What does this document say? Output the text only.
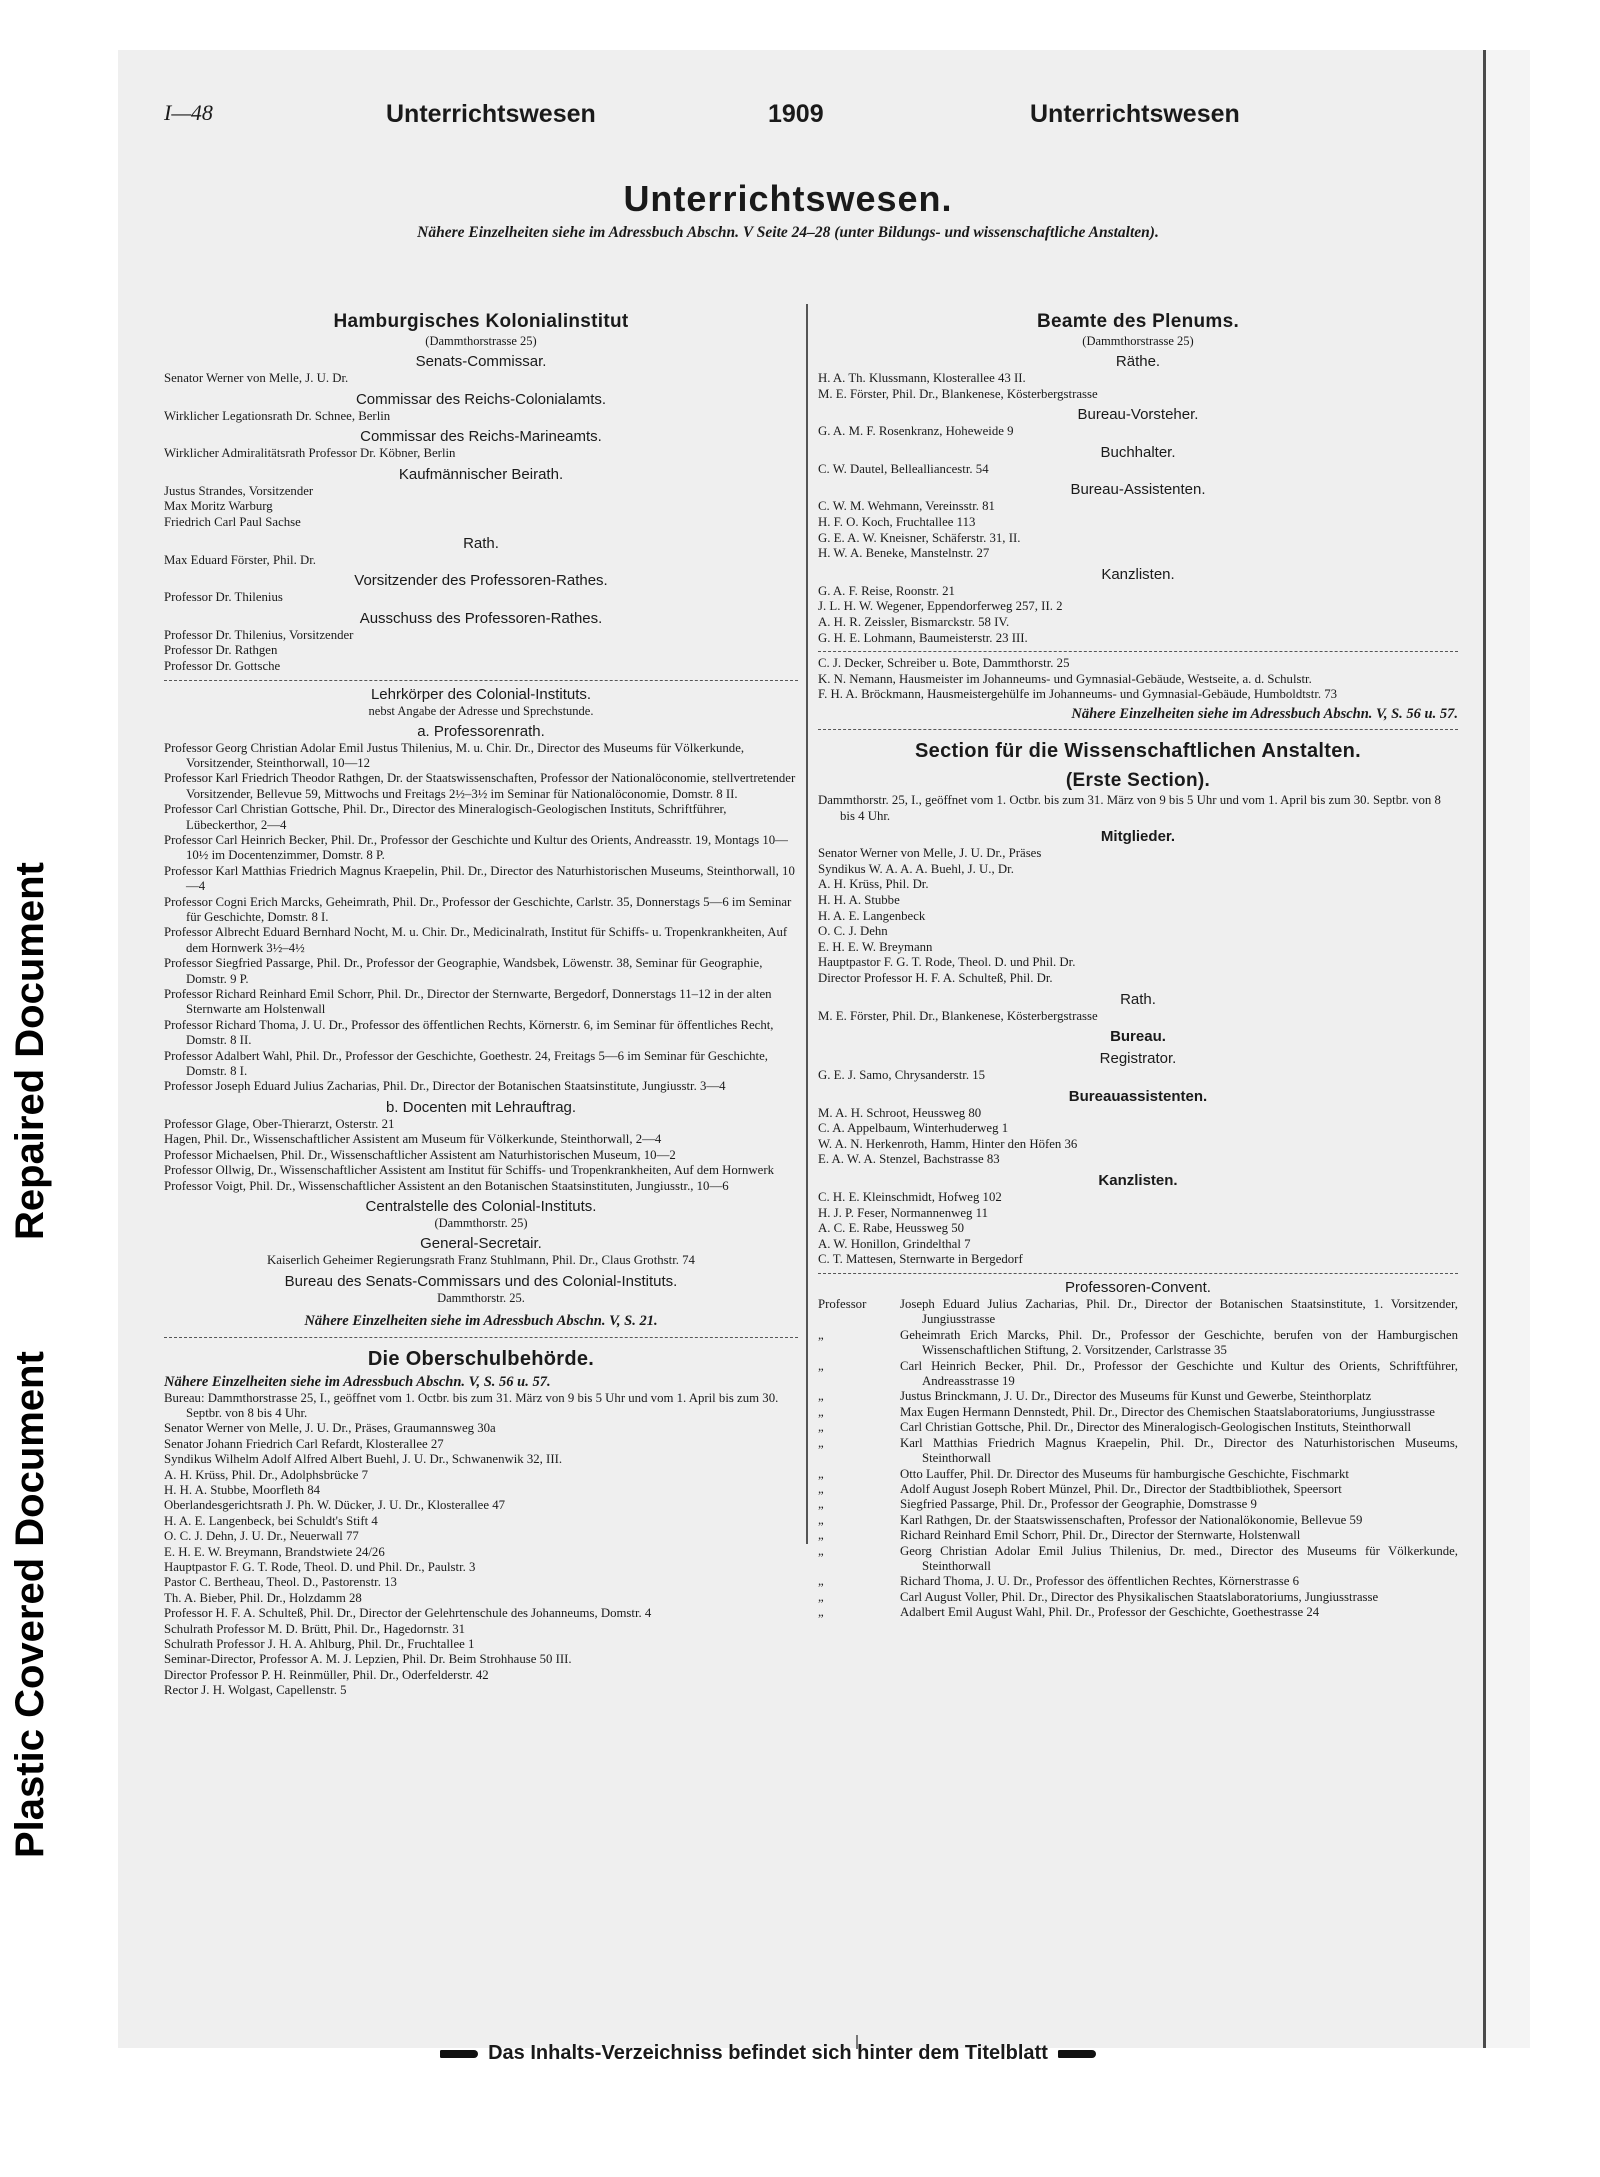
Repaired Document
Plastic Covered Document
I—48	Unterrichtswesen	1909	Unterrichtswesen
Unterrichtswesen.
Nähere Einzelheiten siehe im Adressbuch Abschn. V Seite 24–28 (unter Bildungs- und wissenschaftliche Anstalten).
Hamburgisches Kolonialinstitut
(Dammthorstrasse 25)
Senats-Commissar.
Senator Werner von Melle, J. U. Dr.
Commissar des Reichs-Colonialamts.
Wirklicher Legationsrath Dr. Schnee, Berlin
Commissar des Reichs-Marineamts.
Wirklicher Admiralitätsrath Professor Dr. Köbner, Berlin
Kaufmännischer Beirath.
Justus Strandes, Vorsitzender
Max Moritz Warburg
Friedrich Carl Paul Sachse
Rath.
Max Eduard Förster, Phil. Dr.
Vorsitzender des Professoren-Rathes.
Professor Dr. Thilenius
Ausschuss des Professoren-Rathes.
Professor Dr. Thilenius, Vorsitzender
Professor Dr. Rathgen
Professor Dr. Gottsche
Lehrkörper des Colonial-Instituts.
nebst Angabe der Adresse und Sprechstunde.
a. Professorenrath.
Professor Georg Christian Adolar Emil Justus Thilenius, M. u. Chir. Dr., Director des Museums für Völkerkunde, Vorsitzender, Steinthorwall, 10—12
Professor Karl Friedrich Theodor Rathgen, Dr. der Staatswissenschaften, Professor der Nationalöconomie, stellvertretender Vorsitzender, Bellevue 59, Mittwochs und Freitags 2½–3½ im Seminar für Nationalöconomie, Domstr. 8 II.
Professor Carl Christian Gottsche, Phil. Dr., Director des Mineralogisch-Geologischen Instituts, Schriftführer, Lübeckerthor, 2—4
Professor Carl Heinrich Becker, Phil. Dr., Professor der Geschichte und Kultur des Orients, Andreasstr. 19, Montags 10—10½ im Docentenzimmer, Domstr. 8 P.
Professor Karl Matthias Friedrich Magnus Kraepelin, Phil. Dr., Director des Naturhistorischen Museums, Steinthorwall, 10—4
Professor Cogni Erich Marcks, Geheimrath, Phil. Dr., Professor der Geschichte, Carlstr. 35, Donnerstags 5—6 im Seminar für Geschichte, Domstr. 8 I.
Professor Albrecht Eduard Bernhard Nocht, M. u. Chir. Dr., Medicinalrath, Institut für Schiffs- u. Tropenkrankheiten, Auf dem Hornwerk 3½–4½
Professor Siegfried Passarge, Phil. Dr., Professor der Geographie, Wandsbek, Löwenstr. 38, Seminar für Geographie, Domstr. 9 P.
Professor Richard Reinhard Emil Schorr, Phil. Dr., Director der Sternwarte, Bergedorf, Donnerstags 11–12 in der alten Sternwarte am Holstenwall
Professor Richard Thoma, J. U. Dr., Professor des öffentlichen Rechts, Körnerstr. 6, im Seminar für öffentliches Recht, Domstr. 8 II.
Professor Adalbert Wahl, Phil. Dr., Professor der Geschichte, Goethestr. 24, Freitags 5—6 im Seminar für Geschichte, Domstr. 8 I.
Professor Joseph Eduard Julius Zacharias, Phil. Dr., Director der Botanischen Staatsinstitute, Jungiusstr. 3—4
b. Docenten mit Lehrauftrag.
Professor Glage, Ober-Thierarzt, Osterstr. 21
Hagen, Phil. Dr., Wissenschaftlicher Assistent am Museum für Völkerkunde, Steinthorwall, 2—4
Professor Michaelsen, Phil. Dr., Wissenschaftlicher Assistent am Naturhistorischen Museum, 10—2
Professor Ollwig, Dr., Wissenschaftlicher Assistent am Institut für Schiffs- und Tropenkrankheiten, Auf dem Hornwerk
Professor Voigt, Phil. Dr., Wissenschaftlicher Assistent an den Botanischen Staatsinstituten, Jungiusstr., 10—6
Centralstelle des Colonial-Instituts.
(Dammthorstr. 25)
General-Secretair.
Kaiserlich Geheimer Regierungsrath Franz Stuhlmann, Phil. Dr., Claus Grothstr. 74
Bureau des Senats-Commissars und des Colonial-Instituts.
Dammthorstr. 25.
Nähere Einzelheiten siehe im Adressbuch Abschn. V, S. 21.
Die Oberschulbehörde.
Nähere Einzelheiten siehe im Adressbuch Abschn. V, S. 56 u. 57.
Bureau: Dammthorstrasse 25, I., geöffnet vom 1. Octbr. bis zum 31. März von 9 bis 5 Uhr und vom 1. April bis zum 30. Septbr. von 8 bis 4 Uhr.
Senator Werner von Melle, J. U. Dr., Präses, Graumannsweg 30a
Senator Johann Friedrich Carl Refardt, Klosterallee 27
Syndikus Wilhelm Adolf Alfred Albert Buehl, J. U. Dr., Schwanenwik 32, III.
A. H. Krüss, Phil. Dr., Adolphsbrücke 7
H. H. A. Stubbe, Moorfleth 84
Oberlandesgerichtsrath J. Ph. W. Dücker, J. U. Dr., Klosterallee 47
H. A. E. Langenbeck, bei Schuldt's Stift 4
O. C. J. Dehn, J. U. Dr., Neuerwall 77
E. H. E. W. Breymann, Brandstwiete 24/26
Hauptpastor F. G. T. Rode, Theol. D. und Phil. Dr., Paulstr. 3
Pastor C. Bertheau, Theol. D., Pastorenstr. 13
Th. A. Bieber, Phil. Dr., Holzdamm 28
Professor H. F. A. Schulteß, Phil. Dr., Director der Gelehrtenschule des Johanneums, Domstr. 4
Schulrath Professor M. D. Brütt, Phil. Dr., Hagedornstr. 31
Schulrath Professor J. H. A. Ahlburg, Phil. Dr., Fruchtallee 1
Seminar-Director, Professor A. M. J. Lepzien, Phil. Dr. Beim Strohhause 50 III.
Director Professor P. H. Reinmüller, Phil. Dr., Oderfelderstr. 42
Rector J. H. Wolgast, Capellenstr. 5
Beamte des Plenums.
(Dammthorstrasse 25)
Räthe.
H. A. Th. Klussmann, Klosterallee 43 II.
M. E. Förster, Phil. Dr., Blankenese, Kösterbergstrasse
Bureau-Vorsteher.
G. A. M. F. Rosenkranz, Hoheweide 9
Buchhalter.
C. W. Dautel, Bellealliancestr. 54
Bureau-Assistenten.
C. W. M. Wehmann, Vereinsstr. 81
H. F. O. Koch, Fruchtallee 113
G. E. A. W. Kneisner, Schäferstr. 31, II.
H. W. A. Beneke, Manstelnstr. 27
Kanzlisten.
G. A. F. Reise, Roonstr. 21
J. L. H. W. Wegener, Eppendorferweg 257, II. 2
A. H. R. Zeissler, Bismarckstr. 58 IV.
G. H. E. Lohmann, Baumeisterstr. 23 III.
C. J. Decker, Schreiber u. Bote, Dammthorstr. 25
K. N. Nemann, Hausmeister im Johanneums- und Gymnasial-Gebäude, Westseite, a. d. Schulstr.
F. H. A. Bröckmann, Hausmeistergehülfe im Johanneums- und Gymnasial-Gebäude, Humboldtstr. 73
Nähere Einzelheiten siehe im Adressbuch Abschn. V, S. 56 u. 57.
Section für die Wissenschaftlichen Anstalten.
(Erste Section).
Dammthorstr. 25, I., geöffnet vom 1. Octbr. bis zum 31. März von 9 bis 5 Uhr und vom 1. April bis zum 30. Septbr. von 8 bis 4 Uhr.
Mitglieder.
Senator Werner von Melle, J. U. Dr., Präses
Syndikus W. A. A. A. Buehl, J. U., Dr.
A. H. Krüss, Phil. Dr.
H. H. A. Stubbe
H. A. E. Langenbeck
O. C. J. Dehn
E. H. E. W. Breymann
Hauptpastor F. G. T. Rode, Theol. D. und Phil. Dr.
Director Professor H. F. A. Schulteß, Phil. Dr.
Rath.
M. E. Förster, Phil. Dr., Blankenese, Kösterbergstrasse
Bureau.
Registrator.
G. E. J. Samo, Chrysanderstr. 15
Bureauassistenten.
M. A. H. Schroot, Heussweg 80
C. A. Appelbaum, Winterhuderweg 1
W. A. N. Herkenroth, Hamm, Hinter den Höfen 36
E. A. W. A. Stenzel, Bachstrasse 83
Kanzlisten.
C. H. E. Kleinschmidt, Hofweg 102
H. J. P. Feser, Normannenweg 11
A. C. E. Rabe, Heussweg 50
A. W. Honillon, Grindelthal 7
C. T. Mattesen, Sternwarte in Bergedorf
Professoren-Convent.
Professor	Joseph Eduard Julius Zacharias, Phil. Dr., Director der Botanischen Staatsinstitute, 1. Vorsitzender, Jungiusstrasse
„	Geheimrath Erich Marcks, Phil. Dr., Professor der Geschichte, berufen von der Hamburgischen Wissenschaftlichen Stiftung, 2. Vorsitzender, Carlstrasse 35
„	Carl Heinrich Becker, Phil. Dr., Professor der Geschichte und Kultur des Orients, Schriftführer, Andreasstrasse 19
„	Justus Brinckmann, J. U. Dr., Director des Museums für Kunst und Gewerbe, Steinthorplatz
„	Max Eugen Hermann Dennstedt, Phil. Dr., Director des Chemischen Staatslaboratoriums, Jungiusstrasse
„	Carl Christian Gottsche, Phil. Dr., Director des Mineralogisch-Geologischen Instituts, Steinthorwall
„	Karl Matthias Friedrich Magnus Kraepelin, Phil. Dr., Director des Naturhistorischen Museums, Steinthorwall
„	Otto Lauffer, Phil. Dr. Director des Museums für hamburgische Geschichte, Fischmarkt
„	Adolf August Joseph Robert Münzel, Phil. Dr., Director der Stadtbibliothek, Speersort
„	Siegfried Passarge, Phil. Dr., Professor der Geographie, Domstrasse 9
„	Karl Rathgen, Dr. der Staatswissenschaften, Professor der Nationalökonomie, Bellevue 59
„	Richard Reinhard Emil Schorr, Phil. Dr., Director der Sternwarte, Holstenwall
„	Georg Christian Adolar Emil Julius Thilenius, Dr. med., Director des Museums für Völkerkunde, Steinthorwall
„	Richard Thoma, J. U. Dr., Professor des öffentlichen Rechtes, Körnerstrasse 6
„	Carl August Voller, Phil. Dr., Director des Physikalischen Staatslaboratoriums, Jungiusstrasse
„	Adalbert Emil August Wahl, Phil. Dr., Professor der Geschichte, Goethestrasse 24
Das Inhalts-Verzeichniss befindet sich hinter dem Titelblatt
